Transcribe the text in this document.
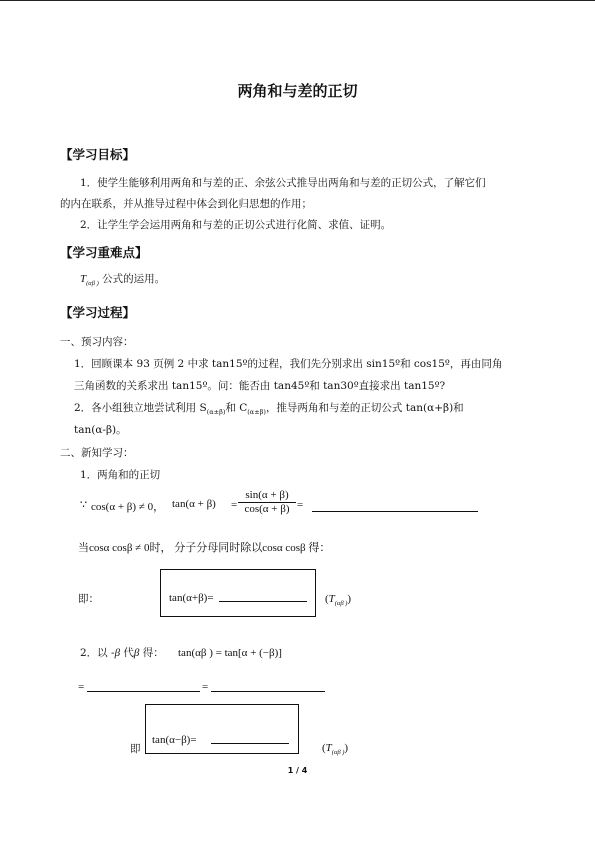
两角和与差的正切
【学习目标】
1．使学生能够利用两角和与差的正、余弦公式推导出两角和与差的正切公式，了解它们
的内在联系，并从推导过程中体会到化归思想的作用；
2．让学生学会运用两角和与差的正切公式进行化简、求值、证明。
【学习重难点】
$T_{(\alpha\beta )}$ 公式的运用。
【学习过程】
一、预习内容：
1．回顾课本 93 页例 2 中求 tan15º的过程，我们先分别求出 sin15º和 cos15º，再由同角
三角函数的关系求出 tan15º。问：能否由 tan45º和 tan30º直接求出 tan15º?
2．各小组独立地尝试利用 $S_{(\alpha\pm\beta)}$和 $C_{(\alpha\pm\beta)}$，推导两角和与差的正切公式 tan(α+β)和
tan(α-β)。
二、新知学习：
1．两角和的正切
∵ cos(α + β) ≠ 0， tan(α + β) =
sin(α + β)
cos(α + β) =
当cosα cosβ ≠ 0时， 分子分母同时除以cosα cosβ 得：
即：	tan(α+β)=	$(T_{(\alpha\beta )})$
2．以 -β 代β 得： tan(αβ ) = tan[α + (−β)]
=	=
即
tan(α−β)=
$(T_{(\alpha\beta )})$
1 / 4
